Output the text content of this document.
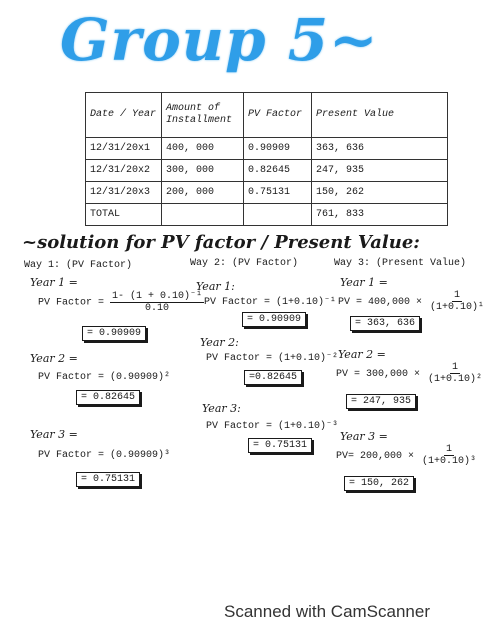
Group 5~
Date / Year	Amount of Installment	PV Factor	Present Value
12/31/20x1	400, 000	0.90909	363, 636
12/31/20x2	300, 000	0.82645	247, 935
12/31/20x3	200, 000	0.75131	150, 262
TOTAL			761, 833
~solution for PV factor / Present Value:
Way 1: (PV Factor)
Year 1 =
PV Factor = $\frac{\text{1- (1 + 0.10)⁻¹}}{0.10}$
= 0.90909
Year 2 =
PV Factor = (0.90909)²
= 0.82645
Year 3 =
PV Factor = (0.90909)³
= 0.75131
Way 2: (PV Factor)
Year 1:
PV Factor = (1+0.10)⁻¹
= 0.90909
Year 2:
PV Factor = (1+0.10)⁻²
=0.82645
Year 3:
PV Factor = (1+0.10)⁻³
= 0.75131
Way 3: (Present Value)
Year 1 =
PV = $400,000 \times \frac{1}{\text{(1+0.10)¹}}$
= 363, 636
Year 2 =
PV = $300,000 \times \frac{1}{\text{(1+0.10)²}}$
= 247, 935
Year 3 =
$PV= 200,000 \times \frac{1}{\text{(1+0.10)³}}$
= 150, 262
Scanned with CamScanner
